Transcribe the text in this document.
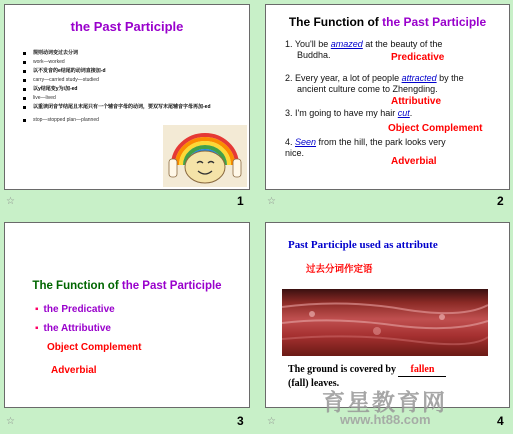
the Past Participle
规则动词变过去分词
work—worked
以不发音的e结尾的动词直接加-d
carry—carried study—studied
以y结尾变y为i加-ed
live—lived
以重读闭音节结尾且末尾只有一个辅音字母的动词，要双写末尾辅音字母再加-ed
stop—stopped plan—planned
The Function of the Past Participle
1. You'll be amazed at the beauty of the
Buddha.	Predicative
2. Every year, a lot of people attracted by the
ancient culture come to Zhengding.
Attributive
3. I'm going to have my hair cut.
Object Complement
4. Seen from the hill, the park looks very
nice.
Adverbial
The Function of the Past Participle
▪ the Predicative
▪ the Attributive
Object Complement
Adverbial
Past Participle used as attribute
过去分词作定语
The ground is covered by fallen
(fall) leaves.
1	2
3	4
☆	☆
☆	☆
育星教育网
www.ht88.com
